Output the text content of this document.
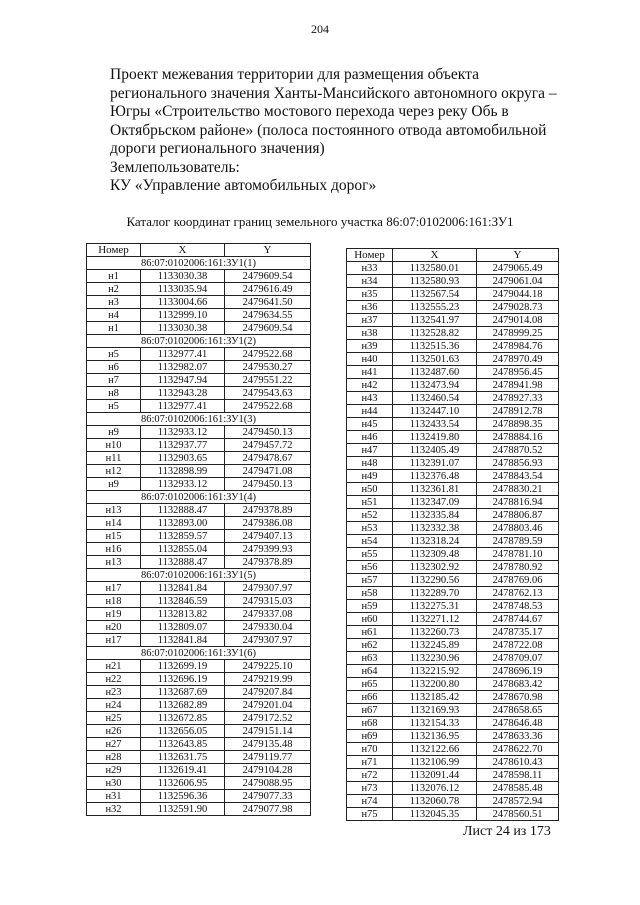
204
Проект межевания территории для размещения объекта
регионального значения Ханты-Мансийского автономного округа –
Югры «Строительство мостового перехода через реку Обь в
Октябрьском районе» (полоса постоянного отвода автомобильной
дороги регионального значения)
Землепользователь:
КУ «Управление автомобильных дорог»
Каталог координат границ земельного участка 86:07:0102006:161:ЗУ1
Номер	X	Y
86:07:0102006:161:ЗУ1(1)		
н1	1133030.38	2479609.54
н2	1133035.94	2479616.49
н3	1133004.66	2479641.50
н4	1132999.10	2479634.55
н1	1133030.38	2479609.54
86:07:0102006:161:ЗУ1(2)		
н5	1132977.41	2479522.68
н6	1132982.07	2479530.27
н7	1132947.94	2479551.22
н8	1132943.28	2479543.63
н5	1132977.41	2479522.68
86:07:0102006:161:ЗУ1(3)		
н9	1132933.12	2479450.13
н10	1132937.77	2479457.72
н11	1132903.65	2479478.67
н12	1132898.99	2479471.08
н9	1132933.12	2479450.13
86:07:0102006:161:ЗУ1(4)		
н13	1132888.47	2479378.89
н14	1132893.00	2479386.08
н15	1132859.57	2479407.13
н16	1132855.04	2479399.93
н13	1132888.47	2479378.89
86:07:0102006:161:ЗУ1(5)		
н17	1132841.84	2479307.97
н18	1132846.59	2479315.03
н19	1132813.82	2479337.08
н20	1132809.07	2479330.04
н17	1132841.84	2479307.97
86:07:0102006:161:ЗУ1(6)		
н21	1132699.19	2479225.10
н22	1132696.19	2479219.99
н23	1132687.69	2479207.84
н24	1132682.89	2479201.04
н25	1132672.85	2479172.52
н26	1132656.05	2479151.14
н27	1132643.85	2479135.48
н28	1132631.75	2479119.77
н29	1132619.41	2479104.28
н30	1132606.95	2479088.95
н31	1132596.36	2479077.33
н32	1132591.90	2479077.98
Номер	X	Y
н33	1132580.01	2479065.49
н34	1132580.93	2479061.04
н35	1132567.54	2479044.18
н36	1132555.23	2479028.73
н37	1132541.97	2479014.08
н38	1132528.82	2478999.25
н39	1132515.36	2478984.76
н40	1132501.63	2478970.49
н41	1132487.60	2478956.45
н42	1132473.94	2478941.98
н43	1132460.54	2478927.33
н44	1132447.10	2478912.78
н45	1132433.54	2478898.35
н46	1132419.80	2478884.16
н47	1132405.49	2478870.52
н48	1132391.07	2478856.93
н49	1132376.48	2478843.54
н50	1132361.81	2478830.21
н51	1132347.09	2478816.94
н52	1132335.84	2478806.87
н53	1132332.38	2478803.46
н54	1132318.24	2478789.59
н55	1132309.48	2478781.10
н56	1132302.92	2478780.92
н57	1132290.56	2478769.06
н58	1132289.70	2478762.13
н59	1132275.31	2478748.53
н60	1132271.12	2478744.67
н61	1132260.73	2478735.17
н62	1132245.89	2478722.08
н63	1132230.96	2478709.07
н64	1132215.92	2478696.19
н65	1132200.80	2478683.42
н66	1132185.42	2478670.98
н67	1132169.93	2478658.65
н68	1132154.33	2478646.48
н69	1132136.95	2478633.36
н70	1132122.66	2478622.70
н71	1132106.99	2478610.43
н72	1132091.44	2478598.11
н73	1132076.12	2478585.48
н74	1132060.78	2478572.94
н75	1132045.35	2478560.51
Лист 24 из 173
